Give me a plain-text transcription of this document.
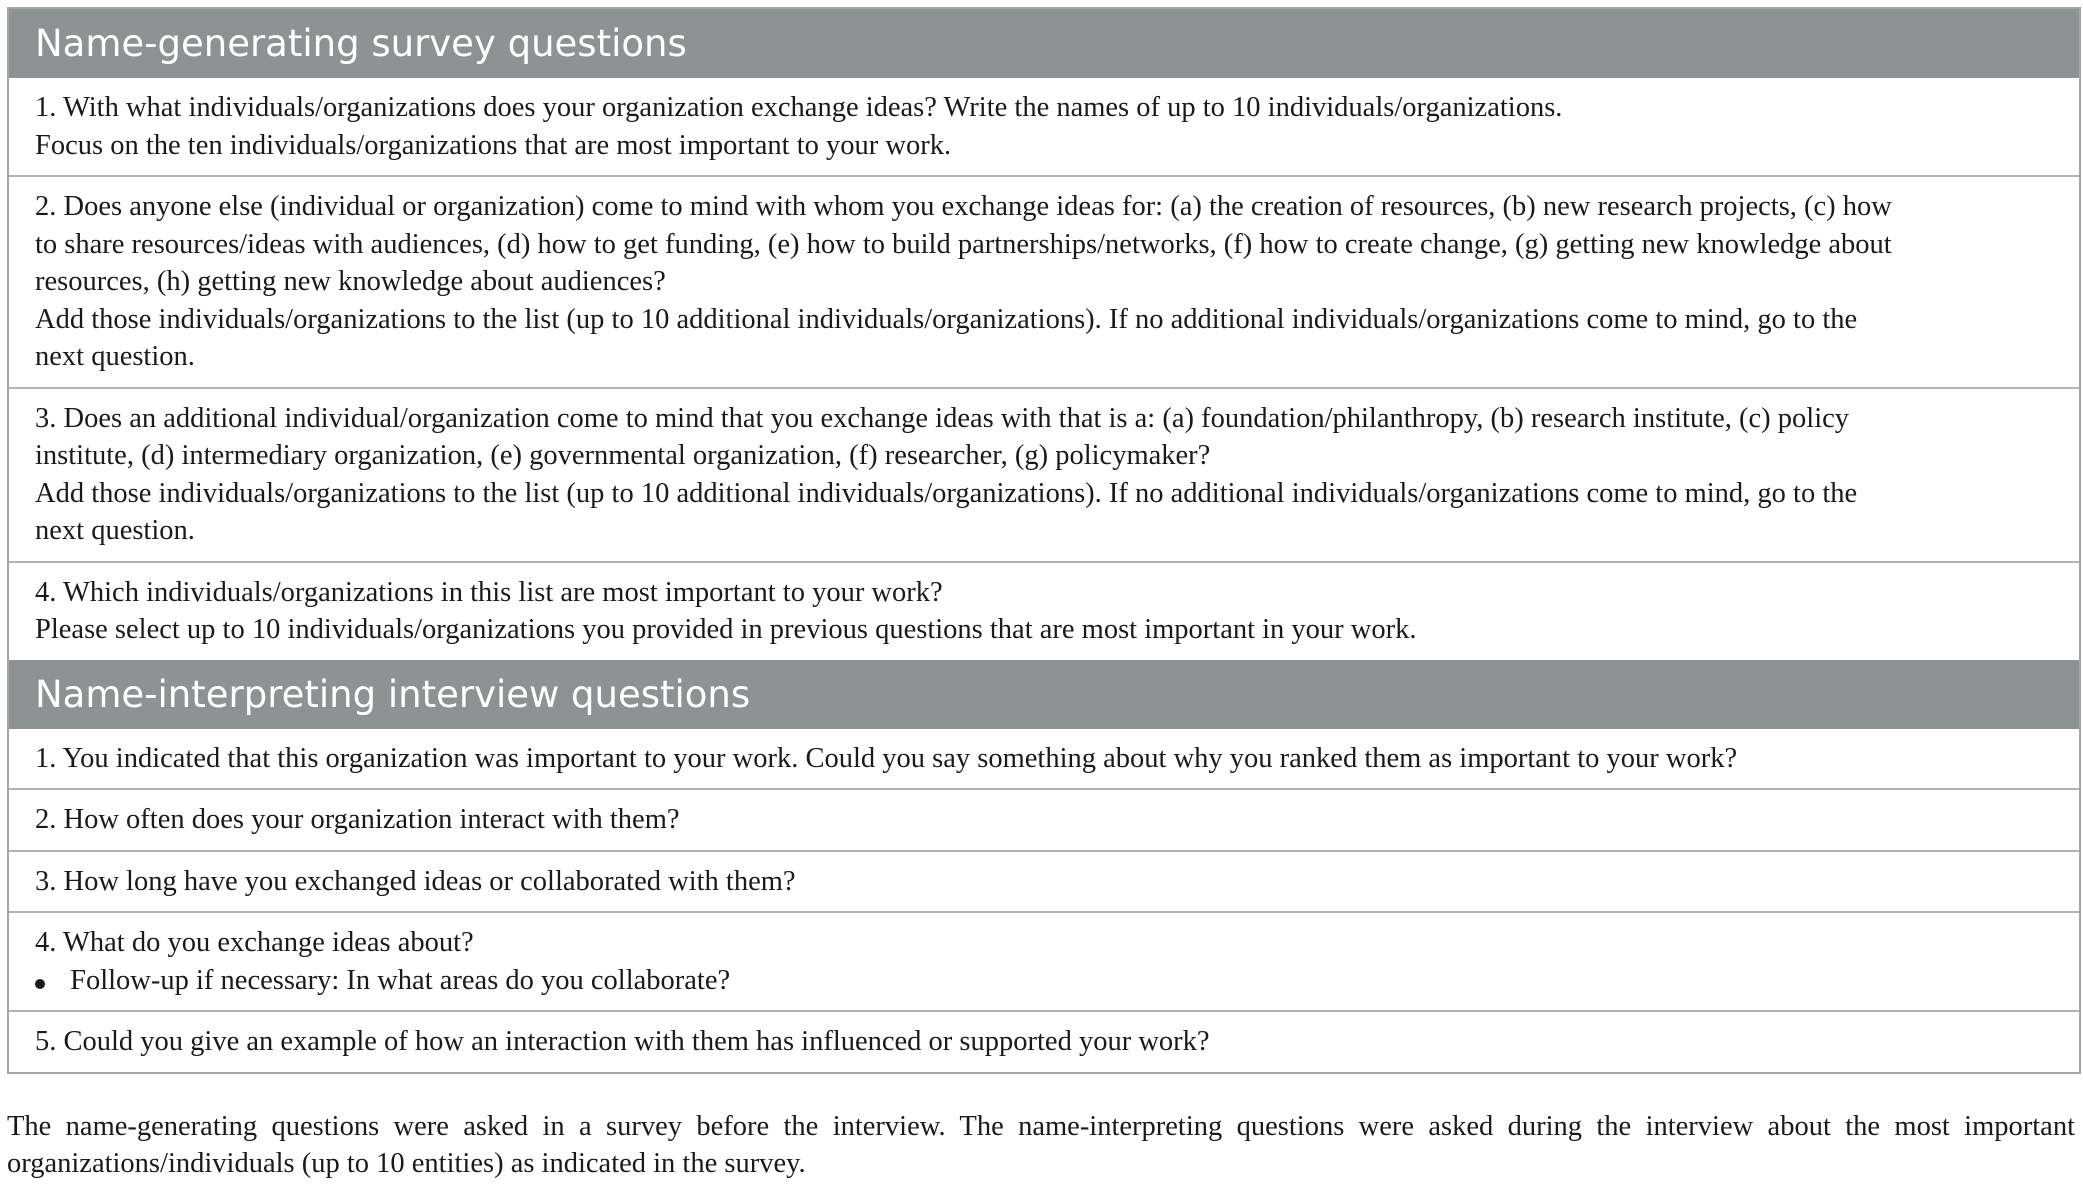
Name-generating survey questions
1. With what individuals/organizations does your organization exchange ideas? Write the names of up to 10 individuals/organizations.
Focus on the ten individuals/organizations that are most important to your work.
2. Does anyone else (individual or organization) come to mind with whom you exchange ideas for: (a) the creation of resources, (b) new research projects, (c) how
to share resources/ideas with audiences, (d) how to get funding, (e) how to build partnerships/networks, (f) how to create change, (g) getting new knowledge about
resources, (h) getting new knowledge about audiences?
Add those individuals/organizations to the list (up to 10 additional individuals/organizations). If no additional individuals/organizations come to mind, go to the
next question.
3. Does an additional individual/organization come to mind that you exchange ideas with that is a: (a) foundation/philanthropy, (b) research institute, (c) policy
institute, (d) intermediary organization, (e) governmental organization, (f) researcher, (g) policymaker?
Add those individuals/organizations to the list (up to 10 additional individuals/organizations). If no additional individuals/organizations come to mind, go to the
next question.
4. Which individuals/organizations in this list are most important to your work?
Please select up to 10 individuals/organizations you provided in previous questions that are most important in your work.
Name-interpreting interview questions
1. You indicated that this organization was important to your work. Could you say something about why you ranked them as important to your work?
2. How often does your organization interact with them?
3. How long have you exchanged ideas or collaborated with them?
4. What do you exchange ideas about?
Follow-up if necessary: In what areas do you collaborate?
5. Could you give an example of how an interaction with them has influenced or supported your work?
The name-generating questions were asked in a survey before the interview. The name-interpreting questions were asked during the interview about the most important organizations/individuals (up to 10 entities) as indicated in the survey.
